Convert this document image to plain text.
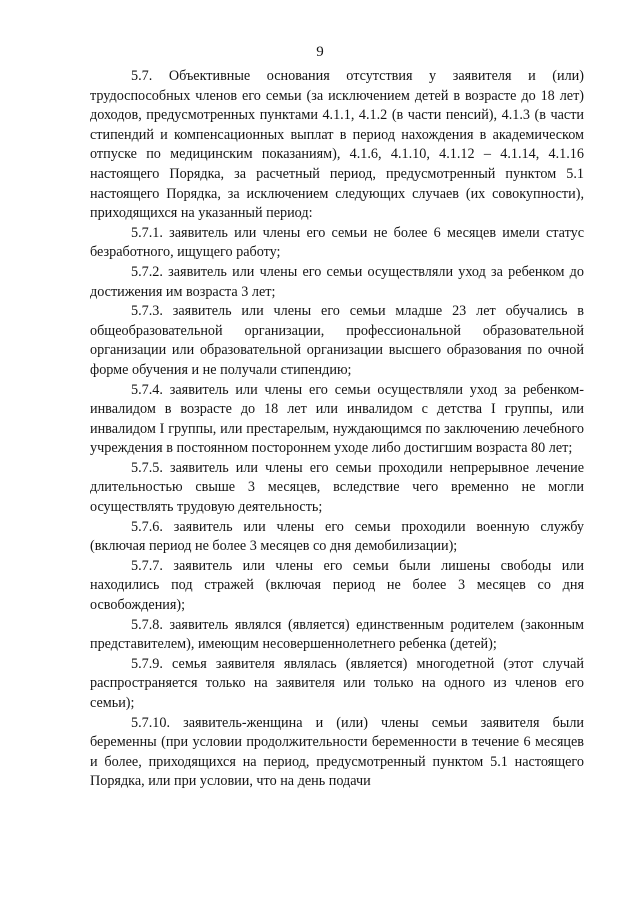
9

5.7. Объективные основания отсутствия у заявителя и (или) трудоспособных членов его семьи (за исключением детей в возрасте до 18 лет) доходов, предусмотренных пунктами 4.1.1, 4.1.2 (в части пенсий), 4.1.3 (в части стипендий и компенсационных выплат в период нахождения в академическом отпуске по медицинским показаниям), 4.1.6, 4.1.10, 4.1.12 – 4.1.14, 4.1.16 настоящего Порядка, за расчетный период, предусмотренный пунктом 5.1 настоящего Порядка, за исключением следующих случаев (их совокупности), приходящихся на указанный период:

5.7.1. заявитель или члены его семьи не более 6 месяцев имели статус безработного, ищущего работу;

5.7.2. заявитель или члены его семьи осуществляли уход за ребенком до достижения им возраста 3 лет;

5.7.3. заявитель или члены его семьи младше 23 лет обучались в общеобразовательной организации, профессиональной образовательной организации или образовательной организации высшего образования по очной форме обучения и не получали стипендию;

5.7.4. заявитель или члены его семьи осуществляли уход за ребенком-инвалидом в возрасте до 18 лет или инвалидом с детства I группы, или инвалидом I группы, или престарелым, нуждающимся по заключению лечебного учреждения в постоянном постороннем уходе либо достигшим возраста 80 лет;

5.7.5. заявитель или члены его семьи проходили непрерывное лечение длительностью свыше 3 месяцев, вследствие чего временно не могли осуществлять трудовую деятельность;

5.7.6. заявитель или члены его семьи проходили военную службу (включая период не более 3 месяцев со дня демобилизации);

5.7.7. заявитель или члены его семьи были лишены свободы или находились под стражей (включая период не более 3 месяцев со дня освобождения);

5.7.8. заявитель являлся (является) единственным родителем (законным представителем), имеющим несовершеннолетнего ребенка (детей);

5.7.9. семья заявителя являлась (является) многодетной (этот случай распространяется только на заявителя или только на одного из членов его семьи);

5.7.10. заявитель-женщина и (или) члены семьи заявителя были беременны (при условии продолжительности беременности в течение 6 месяцев и более, приходящихся на период, предусмотренный пунктом 5.1 настоящего Порядка, или при условии, что на день подачи
